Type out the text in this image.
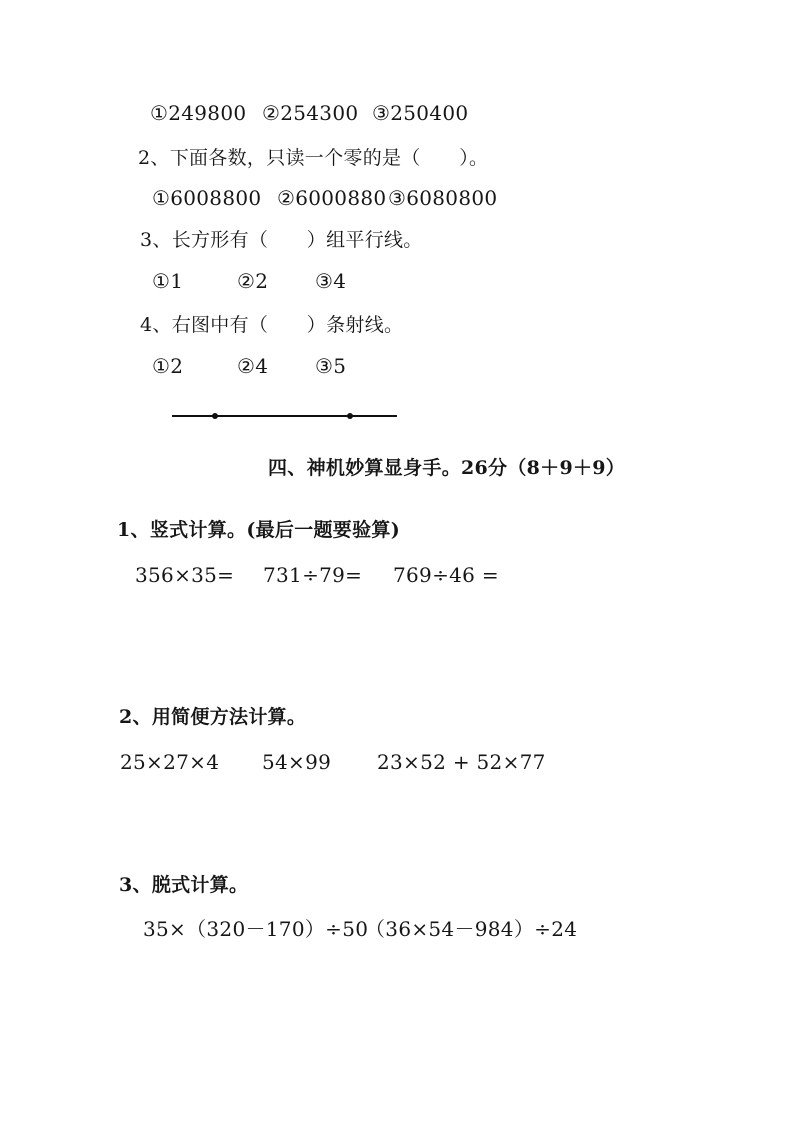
①249800 ②254300 ③250400
2、下面各数，只读一个零的是（　　）。
①6008800 ②6000880 ③6080800
3、长方形有（　　）组平行线。
①1	②2 ③4
4、右图中有（　　）条射线。
①2	②4 ③5
四、神机妙算显身手。26分（8＋9＋9）
1、竖式计算。(最后一题要验算)
356×35= 731÷79= 769÷46 =
2、用简便方法计算。
25×27×4 54×99 23×52 + 52×77
3、脱式计算。
35×（320－170）÷50
（36×54－984）÷24
